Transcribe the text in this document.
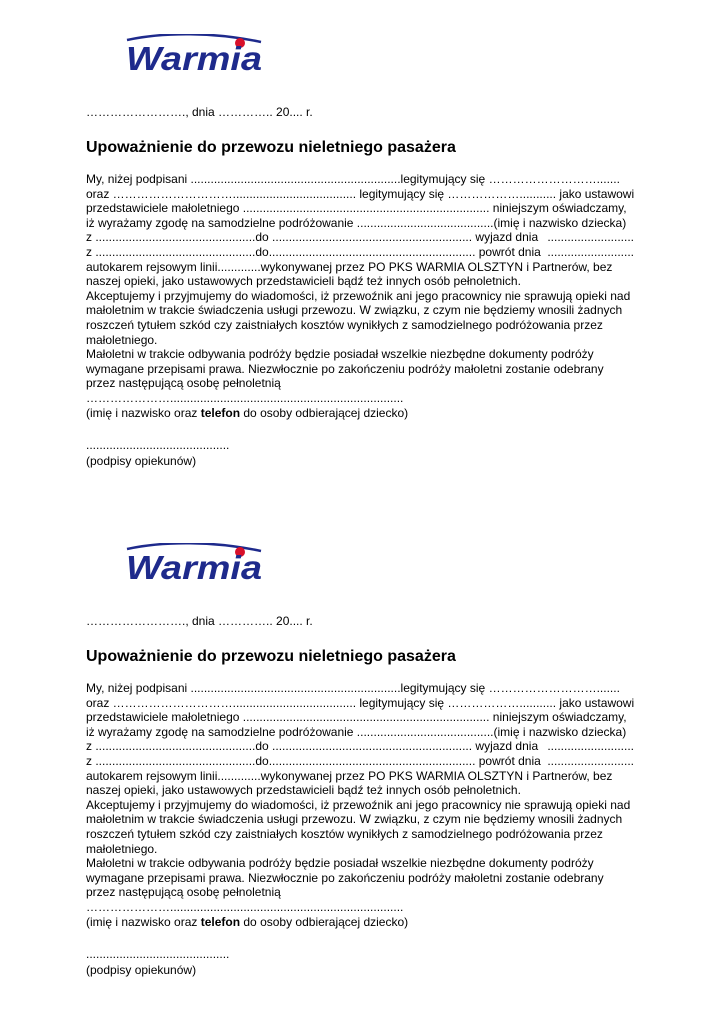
Warmia
……………………., dnia ………….. 20.... r.
Upoważnienie do przewozu nieletniego pasażera
My, niżej podpisani ...............................................................legitymujący się ……………………….......
oraz …………………………..................................... legitymujący się ………………........... jako ustawowi
przedstawiciele małoletniego .......................................................................... niniejszym oświadczamy,
iż wyrażamy zgodę na samodzielne podróżowanie .........................................(imię i nazwisko dziecka)
z ................................................do ............................................................ wyjazd dnia ..........................
z ................................................do.............................................................. powrót dnia ..........................
autokarem rejsowym linii.............wykonywanej przez PO PKS WARMIA OLSZTYN i Partnerów, bez
naszej opieki, jako ustawowych przedstawicieli bądź też innych osób pełnoletnich.
Akceptujemy i przyjmujemy do wiadomości, iż przewoźnik ani jego pracownicy nie sprawują opieki nad
małoletnim w trakcie świadczenia usługi przewozu. W związku, z czym nie będziemy wnosili żadnych
roszczeń tytułem szkód czy zaistniałych kosztów wynikłych z samodzielnego podróżowania przez
małoletniego.
Małoletni w trakcie odbywania podróży będzie posiadał wszelkie niezbędne dokumenty podróży
wymagane przepisami prawa. Niezwłocznie po zakończeniu podróży małoletni zostanie odebrany
przez następującą osobę pełnoletnią
…………………......................................................................
(imię i nazwisko oraz telefon do osoby odbierającej dziecko)
...........................................
(podpisy opiekunów)
Warmia
……………………., dnia ………….. 20.... r.
Upoważnienie do przewozu nieletniego pasażera
My, niżej podpisani ...............................................................legitymujący się ……………………….......
oraz …………………………..................................... legitymujący się ………………........... jako ustawowi
przedstawiciele małoletniego .......................................................................... niniejszym oświadczamy,
iż wyrażamy zgodę na samodzielne podróżowanie .........................................(imię i nazwisko dziecka)
z ................................................do ............................................................ wyjazd dnia ..........................
z ................................................do.............................................................. powrót dnia ..........................
autokarem rejsowym linii.............wykonywanej przez PO PKS WARMIA OLSZTYN i Partnerów, bez
naszej opieki, jako ustawowych przedstawicieli bądź też innych osób pełnoletnich.
Akceptujemy i przyjmujemy do wiadomości, iż przewoźnik ani jego pracownicy nie sprawują opieki nad
małoletnim w trakcie świadczenia usługi przewozu. W związku, z czym nie będziemy wnosili żadnych
roszczeń tytułem szkód czy zaistniałych kosztów wynikłych z samodzielnego podróżowania przez
małoletniego.
Małoletni w trakcie odbywania podróży będzie posiadał wszelkie niezbędne dokumenty podróży
wymagane przepisami prawa. Niezwłocznie po zakończeniu podróży małoletni zostanie odebrany
przez następującą osobę pełnoletnią
…………………......................................................................
(imię i nazwisko oraz telefon do osoby odbierającej dziecko)
...........................................
(podpisy opiekunów)
